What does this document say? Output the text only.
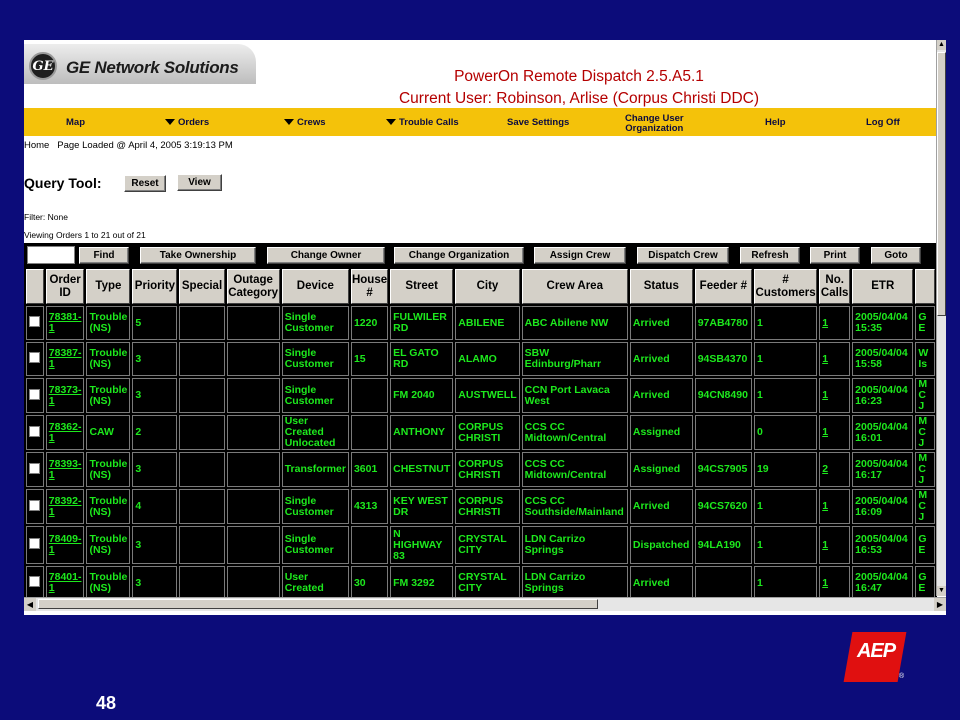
GE GE Network Solutions	PowerOn Remote Dispatch 2.5.A5.1
Current User: Robinson, Arlise (Corpus Christi DDC)
Map	Orders	Crews	Trouble Calls	Save Settings	Change User
Organization
Help	Log Off
Home Page Loaded @ April 4, 2005 3:19:13 PM
Query Tool:	Reset	View
Filter: None
Viewing Orders 1 to 21 out of 21
Find	Take Ownership	Change Owner	Change Organization	Assign Crew	Dispatch Crew	Refresh	Print	Goto
	Order ID	Type	Priority	Special	Outage Category	Device	House #	Street	City	Crew Area	Status	Feeder #	# Customers	No. Calls	ETR	
	78381-1	Trouble (NS)	5			Single Customer	1220	FULWILER RD	ABILENE	ABC Abilene NW	Arrived	97AB4780	1	1	2005/04/04 15:35	G E
	78387-1	Trouble (NS)	3			Single Customer	15	EL GATO RD	ALAMO	SBW Edinburg/Pharr	Arrived	94SB4370	1	1	2005/04/04 15:58	W Is
	78373-1	Trouble (NS)	3			Single Customer		FM 2040	AUSTWELL	CCN Port Lavaca West	Arrived	94CN8490	1	1	2005/04/04 16:23	M C J
	78362-1	CAW	2			User Created Unlocated		ANTHONY	CORPUS CHRISTI	CCS CC Midtown/Central	Assigned		0	1	2005/04/04 16:01	M C J
	78393-1	Trouble (NS)	3			Transformer	3601	CHESTNUT	CORPUS CHRISTI	CCS CC Midtown/Central	Assigned	94CS7905	19	2	2005/04/04 16:17	M C J
	78392-1	Trouble (NS)	4			Single Customer	4313	KEY WEST DR	CORPUS CHRISTI	CCS CC Southside/Mainland	Arrived	94CS7620	1	1	2005/04/04 16:09	M C J
	78409-1	Trouble (NS)	3			Single Customer		N HIGHWAY 83	CRYSTAL CITY	LDN Carrizo Springs	Dispatched	94LA190	1	1	2005/04/04 16:53	G E
	78401-1	Trouble (NS)	3			User Created	30	FM 3292	CRYSTAL CITY	LDN Carrizo Springs	Arrived		1	1	2005/04/04 16:47	G E
▲
▼
◀	▶
AEP
®
48
